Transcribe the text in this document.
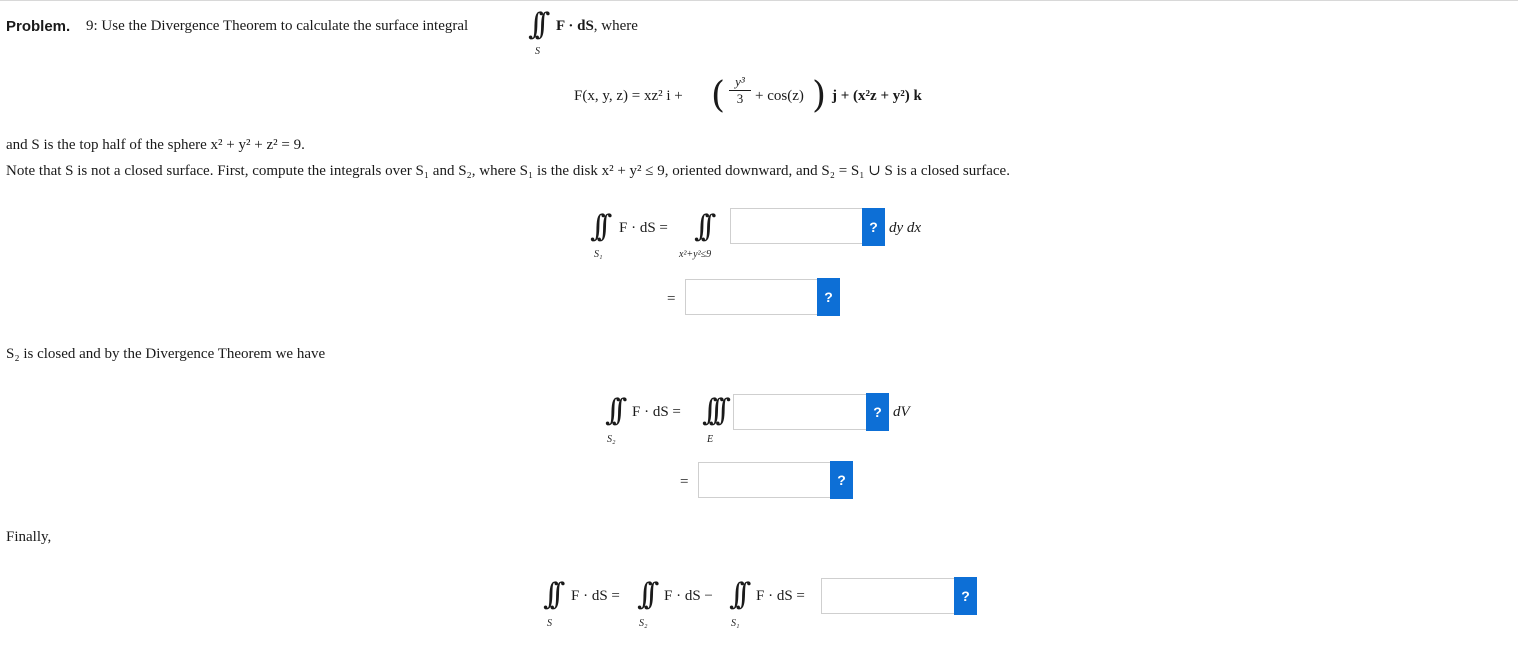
Problem. 9: Use the Divergence Theorem to calculate the surface integral ∫∫
S
F · dS, where
F(x, y, z) = xz² i + ( y³
3 + cos(z) ) j + (x²z + y²) k
and S is the top half of the sphere x² + y² + z² = 9.
Note that S is not a closed surface. First, compute the integrals over S₁ and S₂, where S₁ is the disk x² + y² ≤ 9, oriented downward, and S₂ = S₁ ∪ S is a closed surface.
∫∫
S₁
F · dS = ∫∫
x²+y²≤9
? dy dx
=	?
S₂ is closed and by the Divergence Theorem we have
∫∫
S₂
F · dS = ∫∫∫
E
? dV
=	?
Finally,
∫∫
S
F · dS = ∫∫
S₂
F · dS − ∫∫
S₁
F · dS =	?
